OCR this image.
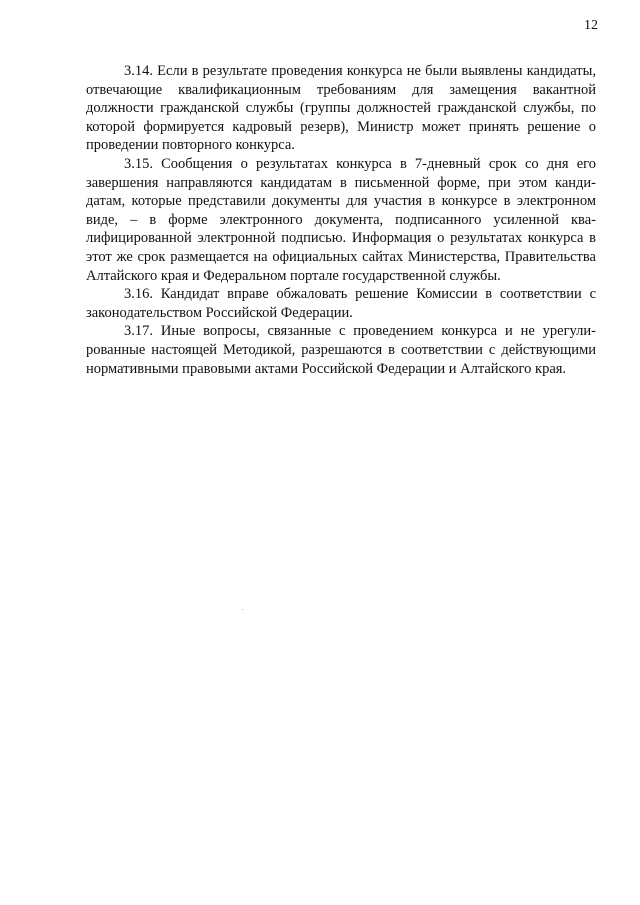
12

3.14. Если в результате проведения конкурса не были выявлены кандидаты, отвечающие квалификационным требованиям для замещения вакантной должности гражданской службы (группы должностей гражданской службы, по которой формируется кадровый резерв), Министр может принять решение о проведении повторного конкурса.

3.15. Сообщения о результатах конкурса в 7-дневный срок со дня его завершения направляются кандидатам в письменной форме, при этом кандидатам, которые представили документы для участия в конкурсе в электронном виде, – в форме электронного документа, подписанного усиленной квалифицированной электронной подписью. Информация о результатах конкурса в этот же срок размещается на официальных сайтах Министерства, Правительства Алтайского края и Федеральном портале государственной службы.

3.16. Кандидат вправе обжаловать решение Комиссии в соответствии с законодательством Российской Федерации.

3.17. Иные вопросы, связанные с проведением конкурса и не урегулированные настоящей Методикой, разрешаются в соответствии с действующими нормативными правовыми актами Российской Федерации и Алтайского края.
